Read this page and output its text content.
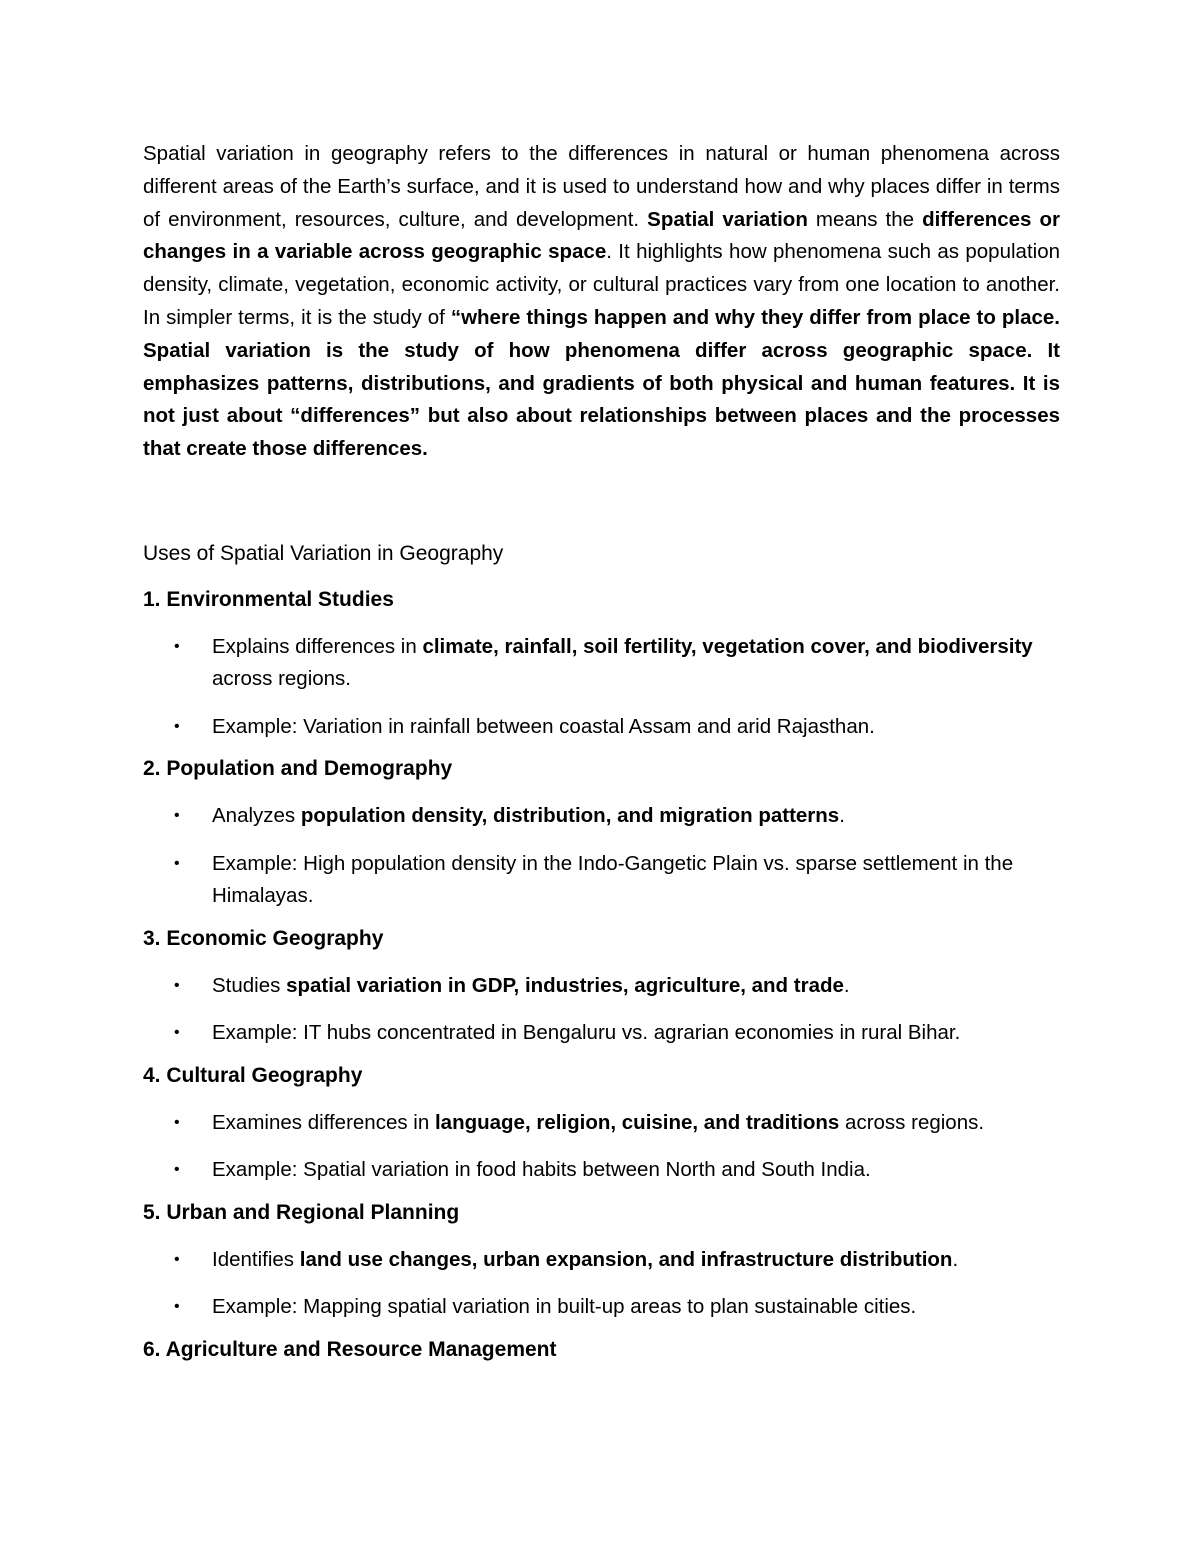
Spatial variation in geography refers to the differences in natural or human phenomena across different areas of the Earth’s surface, and it is used to understand how and why places differ in terms of environment, resources, culture, and development. Spatial variation means the differences or changes in a variable across geographic space. It highlights how phenomena such as population density, climate, vegetation, economic activity, or cultural practices vary from one location to another. In simpler terms, it is the study of “where things happen and why they differ from place to place. Spatial variation is the study of how phenomena differ across geographic space. It emphasizes patterns, distributions, and gradients of both physical and human features. It is not just about “differences” but also about relationships between places and the processes that create those differences.

Uses of Spatial Variation in Geography
1. Environmental Studies
• Explains differences in climate, rainfall, soil fertility, vegetation cover, and biodiversity across regions.
• Example: Variation in rainfall between coastal Assam and arid Rajasthan.
2. Population and Demography
• Analyzes population density, distribution, and migration patterns.
• Example: High population density in the Indo-Gangetic Plain vs. sparse settlement in the Himalayas.
3. Economic Geography
• Studies spatial variation in GDP, industries, agriculture, and trade.
• Example: IT hubs concentrated in Bengaluru vs. agrarian economies in rural Bihar.
4. Cultural Geography
• Examines differences in language, religion, cuisine, and traditions across regions.
• Example: Spatial variation in food habits between North and South India.
5. Urban and Regional Planning
• Identifies land use changes, urban expansion, and infrastructure distribution.
• Example: Mapping spatial variation in built-up areas to plan sustainable cities.
6. Agriculture and Resource Management
